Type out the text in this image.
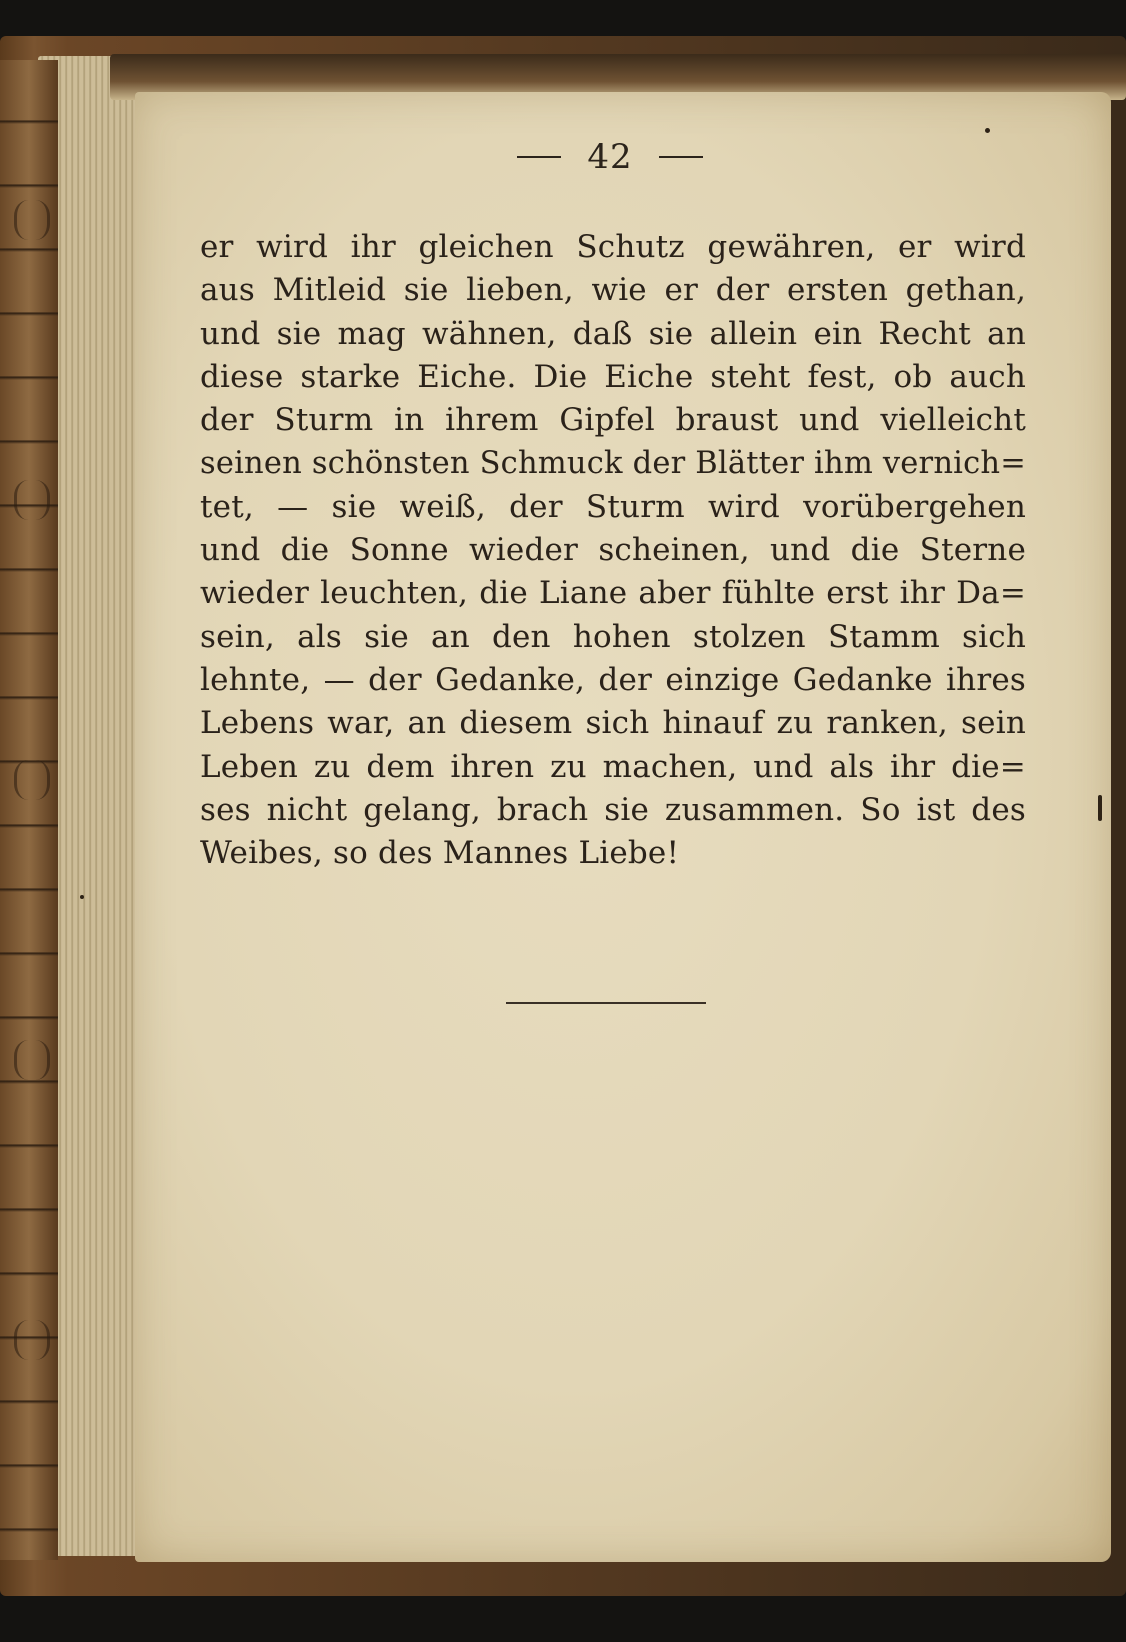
42
er wird ihr gleichen Schutz gewähren, er wird
aus Mitleid sie lieben, wie er der ersten gethan,
und sie mag wähnen, daß sie allein ein Recht an
diese starke Eiche. Die Eiche steht fest, ob auch
der Sturm in ihrem Gipfel braust und vielleicht
seinen schönsten Schmuck der Blätter ihm vernich=
tet, — sie weiß, der Sturm wird vorübergehen
und die Sonne wieder scheinen, und die Sterne
wieder leuchten, die Liane aber fühlte erst ihr Da=
sein, als sie an den hohen stolzen Stamm sich
lehnte, — der Gedanke, der einzige Gedanke ihres
Lebens war, an diesem sich hinauf zu ranken, sein
Leben zu dem ihren zu machen, und als ihr die=
ses nicht gelang, brach sie zusammen. So ist des
Weibes, so des Mannes Liebe!
